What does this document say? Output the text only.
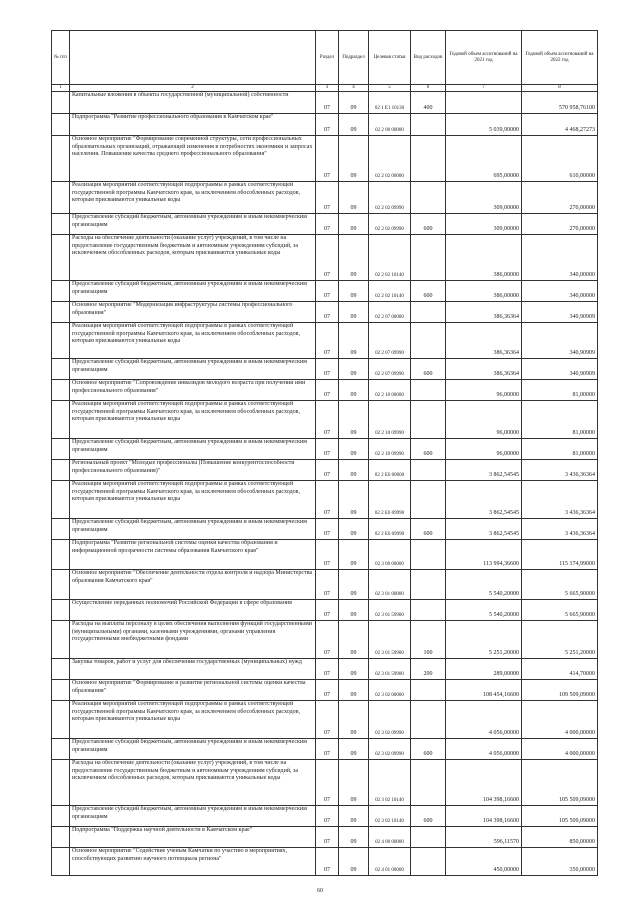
№ п/п		Раздел	Подраздел	Целевая статья	Вид расходов	Годовой объем ассигнований на 2021 год	Годовой объем ассигнований на 2022 год
1	2	3	4	5	6	7	8
	Капитальные вложения в объекты государственной (муниципальной) собственности	07	09	02 1 Е1 10130	400		570 958,76100
	Подпрограмма "Развитие профессионального образования в Камчатском крае"	07	09	02 2 00 00000		5 039,90000	4 468,27273
	Основное мероприятие "Формирование современной структуры, сети профессиональных образовательных организаций, отражающей изменения в потребностях экономики и запросах населения. Повышение качества среднего профессионального образования"	07	09	02 2 02 00000		695,00000	610,00000
	Реализация мероприятий соответствующей подпрограммы в рамках соответствующей государственной программы Камчатского края, за исключением обособленных расходов, которым присваиваются уникальные коды	07	09	02 2 02 09990		309,00000	270,00000
	Предоставление субсидий бюджетным, автономным учреждениям и иным некоммерческим организациям	07	09	02 2 02 09990	600	309,00000	270,00000
	Расходы на обеспечение деятельности (оказание услуг) учреждений, в том числе на предоставление государственным бюджетным и автономным учреждениям субсидий, за исключением обособленных расходов, которым присваиваются уникальные коды	07	09	02 2 02 10140		386,00000	340,00000
	Предоставление субсидий бюджетным, автономным учреждениям и иным некоммерческим организациям	07	09	02 2 02 10140	600	386,00000	340,00000
	Основное мероприятие "Модернизация инфраструктуры системы профессионального образования"	07	09	02 2 07 00000		386,36364	340,90909
	Реализация мероприятий соответствующей подпрограммы в рамках соответствующей государственной программы Камчатского края, за исключением обособленных расходов, которым присваиваются уникальные коды	07	09	02 2 07 09990		386,36364	340,90909
	Предоставление субсидий бюджетным, автономным учреждениям и иным некоммерческим организациям	07	09	02 2 07 09990	600	386,36364	340,90909
	Основное мероприятие "Сопровождение инвалидов молодого возраста при получении ими профессионального образования"	07	09	02 2 10 00000		96,00000	81,00000
	Реализация мероприятий соответствующей подпрограммы в рамках соответствующей государственной программы Камчатского края, за исключением обособленных расходов, которым присваиваются уникальные коды	07	09	02 2 10 09990		96,00000	81,00000
	Предоставление субсидий бюджетным, автономным учреждениям и иным некоммерческим организациям	07	09	02 2 10 09990	600	96,00000	81,00000
	Региональный проект "Молодые профессионалы (Повышение конкурентоспособности профессионального образования)"	07	09	02 2 Е6 00000		3 862,54545	3 436,36364
	Реализация мероприятий соответствующей подпрограммы в рамках соответствующей государственной программы Камчатского края, за исключением обособленных расходов, которым присваиваются уникальные коды	07	09	02 2 Е6 09990		3 862,54545	3 436,36364
	Предоставление субсидий бюджетным, автономным учреждениям и иным некоммерческим организациям	07	09	02 2 Е6 09990	600	3 862,54545	3 436,36364
	Подпрограмма "Развитие региональной системы оценки качества образования и информационной прозрачности системы образования Камчатского края"	07	09	02 3 00 00000		113 994,36600	115 174,99000
	Основное мероприятие "Обеспечение деятельности отдела контроля и надзора Министерства образования Камчатского края"	07	09	02 3 01 00000		5 540,20000	5 665,90000
	Осуществление переданных полномочий Российской Федерации в сфере образования	07	09	02 3 01 59900		5 540,20000	5 665,90000
	Расходы на выплаты персоналу в целях обеспечения выполнения функций государственными (муниципальными) органами, казенными учреждениями, органами управления государственными внебюджетными фондами	07	09	02 3 01 59900	100	5 251,20000	5 251,20000
	Закупка товаров, работ и услуг для обеспечения государственных (муниципальных) нужд	07	09	02 3 01 59900	200	289,00000	414,70000
	Основное мероприятие "Формирование и развитие региональной системы оценки качества образования"	07	09	02 3 02 00000		108 454,16600	109 509,09000
	Реализация мероприятий соответствующей подпрограммы в рамках соответствующей государственной программы Камчатского края, за исключением обособленных расходов, которым присваиваются уникальные коды	07	09	02 3 02 09990		4 056,00000	4 000,00000
	Предоставление субсидий бюджетным, автономным учреждениям и иным некоммерческим организациям	07	09	02 3 02 09990	600	4 056,00000	4 000,00000
	Расходы на обеспечение деятельности (оказание услуг) учреждений, в том числе на предоставление государственным бюджетным и автономным учреждениям субсидий, за исключением обособленных расходов, которым присваиваются уникальные коды	07	09	02 3 02 10140		104 398,16600	105 509,09000
	Предоставление субсидий бюджетным, автономным учреждениям и иным некоммерческим организациям	07	09	02 3 02 10140	600	104 398,16600	105 509,09000
	Подпрограмма "Поддержка научной деятельности в Камчатском крае"	07	09	02 4 00 00000		596,11570	850,00000
	Основное мероприятие "Содействие ученым Камчатки по участию в мероприятиях, способствующих развитию научного потенциала региона"	07	09	02 4 01 00000		450,00000	350,00000
60
